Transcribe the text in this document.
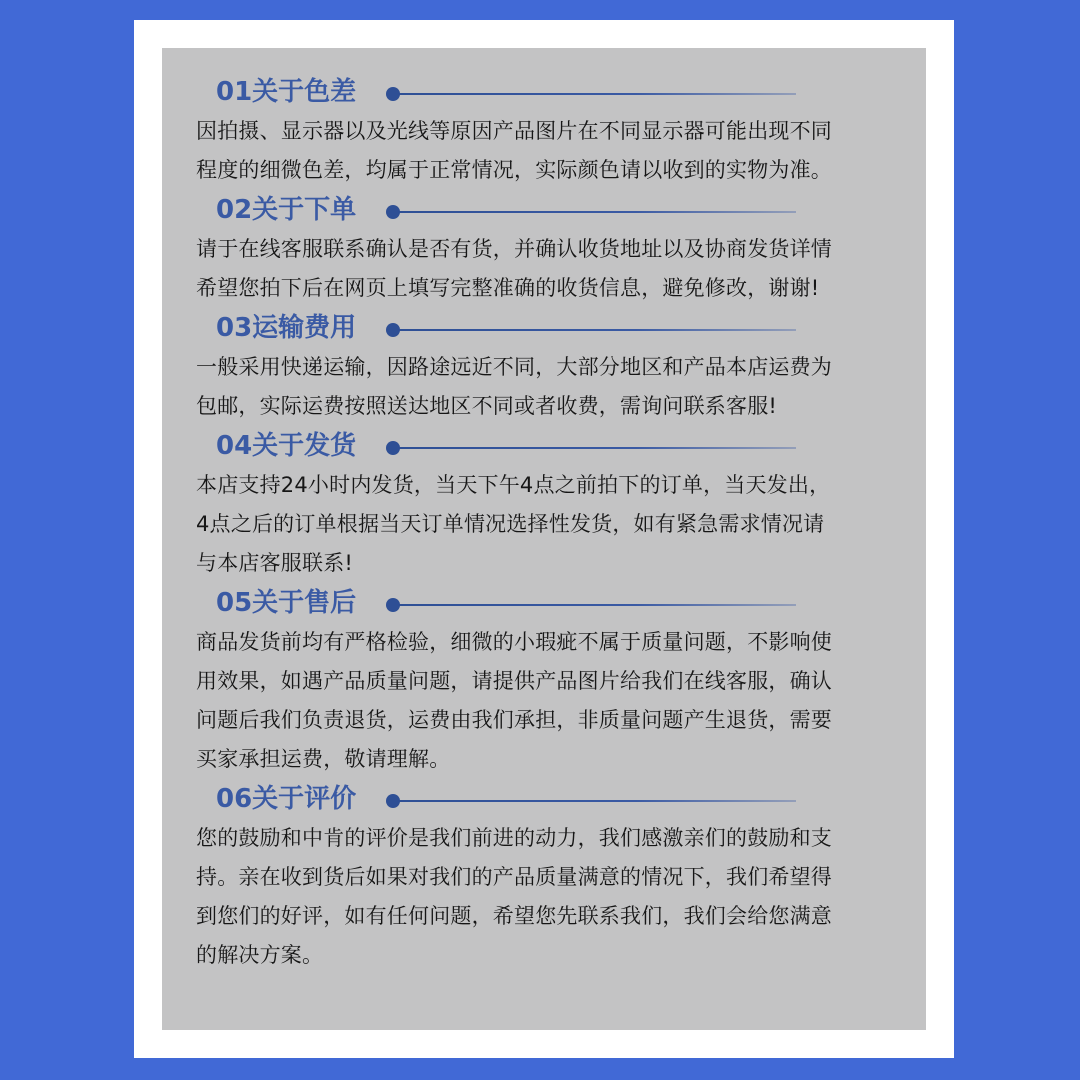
01关于色差

因拍摄、显示器以及光线等原因产品图片在不同显示器可能出现不同
程度的细微色差，均属于正常情况，实际颜色请以收到的实物为准。

02关于下单

请于在线客服联系确认是否有货，并确认收货地址以及协商发货详情
希望您拍下后在网页上填写完整准确的收货信息，避免修改，谢谢!

03运输费用

一般采用快递运输，因路途远近不同，大部分地区和产品本店运费为
包邮，实际运费按照送达地区不同或者收费，需询问联系客服!

04关于发货

本店支持24小时内发货，当天下午4点之前拍下的订单，当天发出，
4点之后的订单根据当天订单情况选择性发货，如有紧急需求情况请
与本店客服联系!

05关于售后

商品发货前均有严格检验，细微的小瑕疵不属于质量问题，不影响使
用效果，如遇产品质量问题，请提供产品图片给我们在线客服，确认
问题后我们负责退货，运费由我们承担，非质量问题产生退货，需要
买家承担运费，敬请理解。

06关于评价

您的鼓励和中肯的评价是我们前进的动力，我们感激亲们的鼓励和支
持。亲在收到货后如果对我们的产品质量满意的情况下，我们希望得
到您们的好评，如有任何问题，希望您先联系我们，我们会给您满意
的解决方案。
